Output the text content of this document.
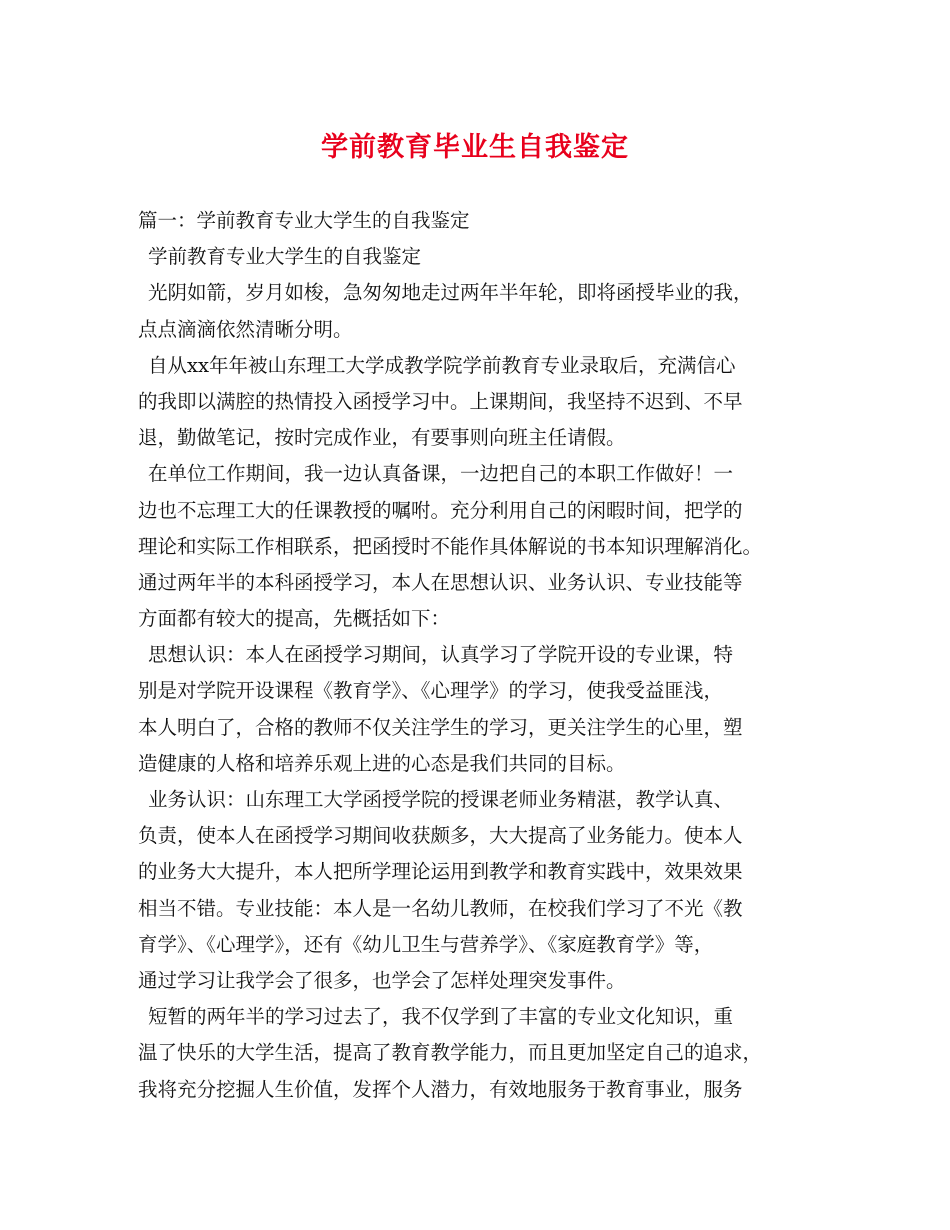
学前教育毕业生自我鉴定
篇一：学前教育专业大学生的自我鉴定
学前教育专业大学生的自我鉴定
光阴如箭，岁月如梭，急匆匆地走过两年半年轮，即将函授毕业的我，
点点滴滴依然清晰分明。
自从xx年年被山东理工大学成教学院学前教育专业录取后，充满信心
的我即以满腔的热情投入函授学习中。上课期间，我坚持不迟到、不早
退，勤做笔记，按时完成作业，有要事则向班主任请假。
在单位工作期间，我一边认真备课，一边把自己的本职工作做好！一
边也不忘理工大的任课教授的嘱咐。充分利用自己的闲暇时间，把学的
理论和实际工作相联系，把函授时不能作具体解说的书本知识理解消化。
通过两年半的本科函授学习，本人在思想认识、业务认识、专业技能等
方面都有较大的提高，先概括如下：
思想认识：本人在函授学习期间，认真学习了学院开设的专业课，特
别是对学院开设课程《教育学》、《心理学》的学习，使我受益匪浅，
本人明白了，合格的教师不仅关注学生的学习，更关注学生的心里，塑
造健康的人格和培养乐观上进的心态是我们共同的目标。
业务认识：山东理工大学函授学院的授课老师业务精湛，教学认真、
负责，使本人在函授学习期间收获颇多，大大提高了业务能力。使本人
的业务大大提升，本人把所学理论运用到教学和教育实践中，效果效果
相当不错。专业技能：本人是一名幼儿教师，在校我们学习了不光《教
育学》、《心理学》，还有《幼儿卫生与营养学》、《家庭教育学》等，
通过学习让我学会了很多，也学会了怎样处理突发事件。
短暂的两年半的学习过去了，我不仅学到了丰富的专业文化知识，重
温了快乐的大学生活，提高了教育教学能力，而且更加坚定自己的追求，
我将充分挖掘人生价值，发挥个人潜力，有效地服务于教育事业，服务
